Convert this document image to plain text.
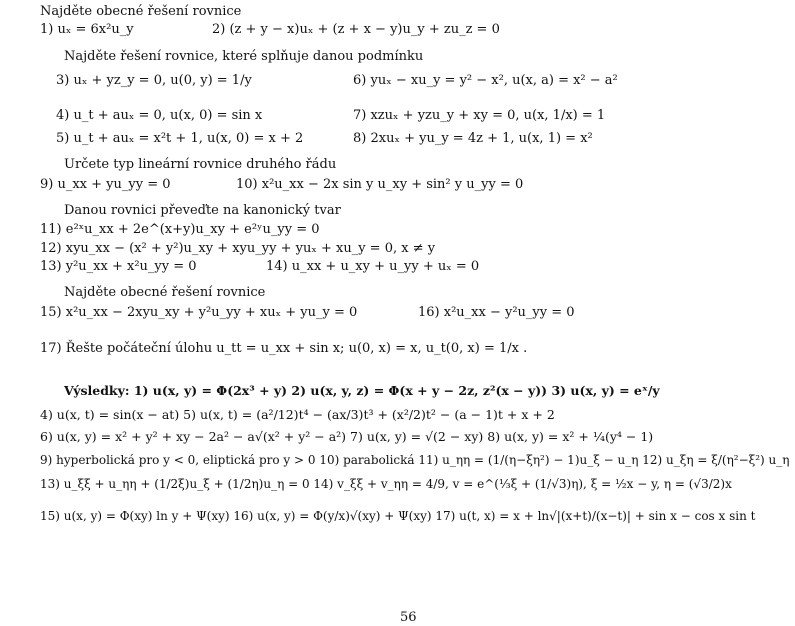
Najděte obecné řešení rovnice
1) uₓ = 6x²u_y	2) (z + y − x)uₓ + (z + x − y)u_y + zu_z = 0
Najděte řešení rovnice, které splňuje danou podmínku
3) uₓ + yz_y = 0, u(0, y) = 1/y	6) yuₓ − xu_y = y² − x², u(x, a) = x² − a²
4) u_t + auₓ = 0, u(x, 0) = sin x	7) xzuₓ + yzu_y + xy = 0, u(x, 1/x) = 1
5) u_t + auₓ = x²t + 1, u(x, 0) = x + 2	8) 2xuₓ + yu_y = 4z + 1, u(x, 1) = x²
Určete typ lineární rovnice druhého řádu
9) u_xx + yu_yy = 0	10) x²u_xx − 2x sin y u_xy + sin² y u_yy = 0
Danou rovnici převeďte na kanonický tvar
11) e²ˣu_xx + 2e^(x+y)u_xy + e²ʸu_yy = 0
12) xyu_xx − (x² + y²)u_xy + xyu_yy + yuₓ + xu_y = 0, x ≠ y
13) y²u_xx + x²u_yy = 0	14) u_xx + u_xy + u_yy + uₓ = 0
Najděte obecné řešení rovnice
15) x²u_xx − 2xyu_xy + y²u_yy + xuₓ + yu_y = 0	16) x²u_xx − y²u_yy = 0
17) Řešte počáteční úlohu u_tt = u_xx + sin x; u(0, x) = x, u_t(0, x) = 1/x .
Výsledky: 1) u(x, y) = Φ(2x³ + y) 2) u(x, y, z) = Φ(x + y − 2z, z²(x − y)) 3) u(x, y) = eˣ/y
4) u(x, t) = sin(x − at) 5) u(x, t) = (a²/12)t⁴ − (ax/3)t³ + (x²/2)t² − (a − 1)t + x + 2
6) u(x, y) = x² + y² + xy − 2a² − a√(x² + y² − a²) 7) u(x, y) = √(2 − xy) 8) u(x, y) = x² + ¼(y⁴ − 1)
9) hyperbolická pro y < 0, eliptická pro y > 0 10) parabolická 11) u_ηη = (1/(η−ξη²) − 1)u_ξ − u_η 12) u_ξη = ξ/(η²−ξ²) u_η
13) u_ξξ + u_ηη + (1/2ξ)u_ξ + (1/2η)u_η = 0 14) v_ξξ + v_ηη = 4/9, v = e^(⅓ξ + (1/√3)η), ξ = ½x − y, η = (√3/2)x
15) u(x, y) = Φ(xy) ln y + Ψ(xy) 16) u(x, y) = Φ(y/x)√(xy) + Ψ(xy) 17) u(t, x) = x + ln√|(x+t)/(x−t)| + sin x − cos x sin t
56
